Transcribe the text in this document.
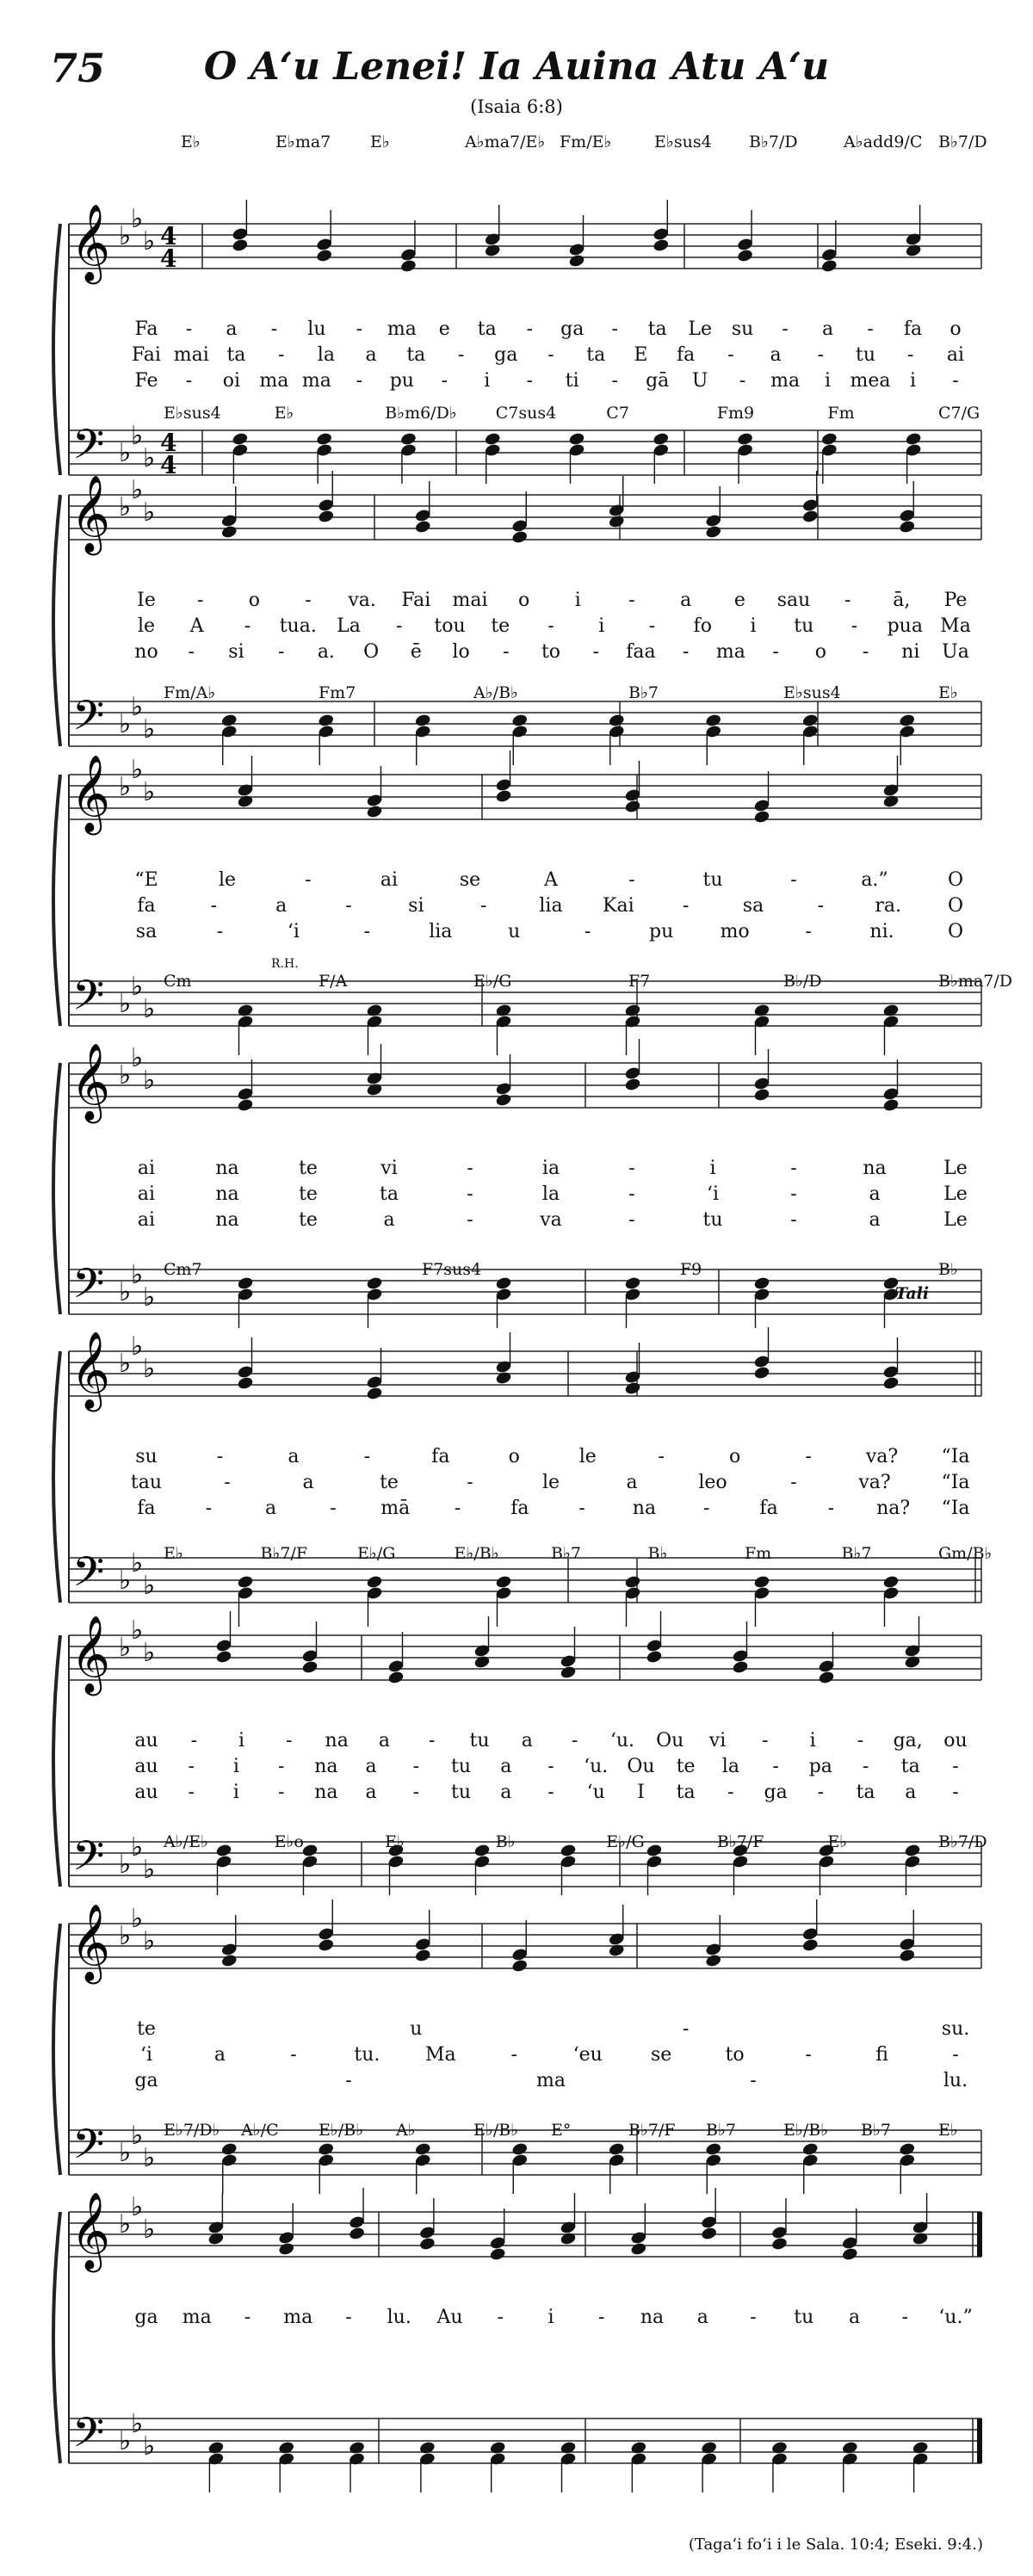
75	O A‘u Lenei! Ia Auina Atu A‘u
(Isaia 6:8)
𝄞
𝄢
♭
♭
♭
♭
♭
♭
4
4
4
4
E♭	E♭ma7 E♭	A♭ma7/E♭ Fm/E♭	E♭sus4 B♭7/D	A♭add9/C B♭7/D
Fa - a - lu - ma e ta - ga - ta Le su - a - fa o
Fai mai ta - la a ta - ga - ta E fa - a - tu - ai
Fe - oi ma ma - pu - i - ti - gā U - ma i mea i -
𝄞
𝄢
♭
♭
♭
♭
♭
♭
E♭sus4	E♭	B♭m6/D♭ C7sus4	C7	Fm9	Fm	C7/G
Ie - o - va. Fai mai o i	- a e sau - ā, Pe
le A - tua. La - tou te - i - fo i tu - pua Ma
no - si - a. O ē lo - to - faa - ma - o - ni Ua
𝄞
𝄢
♭
♭
♭
♭
♭
♭
Fm/A♭	Fm7	A♭/B♭	B♭7	E♭sus4	E♭
“E	le	-	ai	se	A	-	tu	-	a.”	O
fa	-	a	-	si	-	lia Kai	-	sa	-	ra. O
sa	-	‘i	-	lia	u	-	pu mo	-	ni.	O
R.H.
𝄞
𝄢
♭
♭
♭
♭
♭
♭
Cm	F/A	E♭/G	F7	B♭/D	B♭ma7/D
ai	na	te	vi	-	ia	-	i	-	na	Le
ai	na	te	ta	-	la	-	‘i	-	a	Le
ai	na	te	a	-	va	-	tu	-	a	Le
𝄞
𝄢
♭
♭
♭
♭
♭
♭
Cm7	F7sus4	F9	B♭
su	-	a	-	fa	o	le	-	o	-	va? “Ia
tau	-	a	te	-	le	a	leo	-	va?	“Ia
fa	-	a	- mā -	fa	- na -	fa	- na? “Ia
Tali
𝄞
𝄢
♭
♭
♭
♭
♭
♭
E♭	B♭7/F	E♭/G	E♭/B♭	B♭7	B♭	Fm	B♭7	Gm/B♭
au - i - na a - tu a - ‘u. Ou vi - i - ga, ou
au - i - na a - tu a - ‘u. Ou te la - pa - ta -
au - i - na a - tu a - ‘u I ta - ga - ta a -
𝄞
𝄢
♭
♭
♭
♭
♭
♭
A♭/E♭	E♭o	E♭	B♭	E♭/G	B♭7/F	E♭	B♭7/D
te	u	-	su.
‘i	a	-	tu. Ma	-	‘eu	se	to	-	fi	-
ga	-	ma	-	lu.
𝄞
𝄢
♭
♭
♭
♭
♭
♭
E♭7/D♭ A♭/C E♭/B♭ A♭	E♭/B♭ E°	B♭7/F B♭7	E♭/B♭ B♭7	E♭
ga ma - ma - lu. Au - i - na a - tu a - ‘u.”
(Taga‘i fo‘i i le Sala. 10:4; Eseki. 9:4.)
